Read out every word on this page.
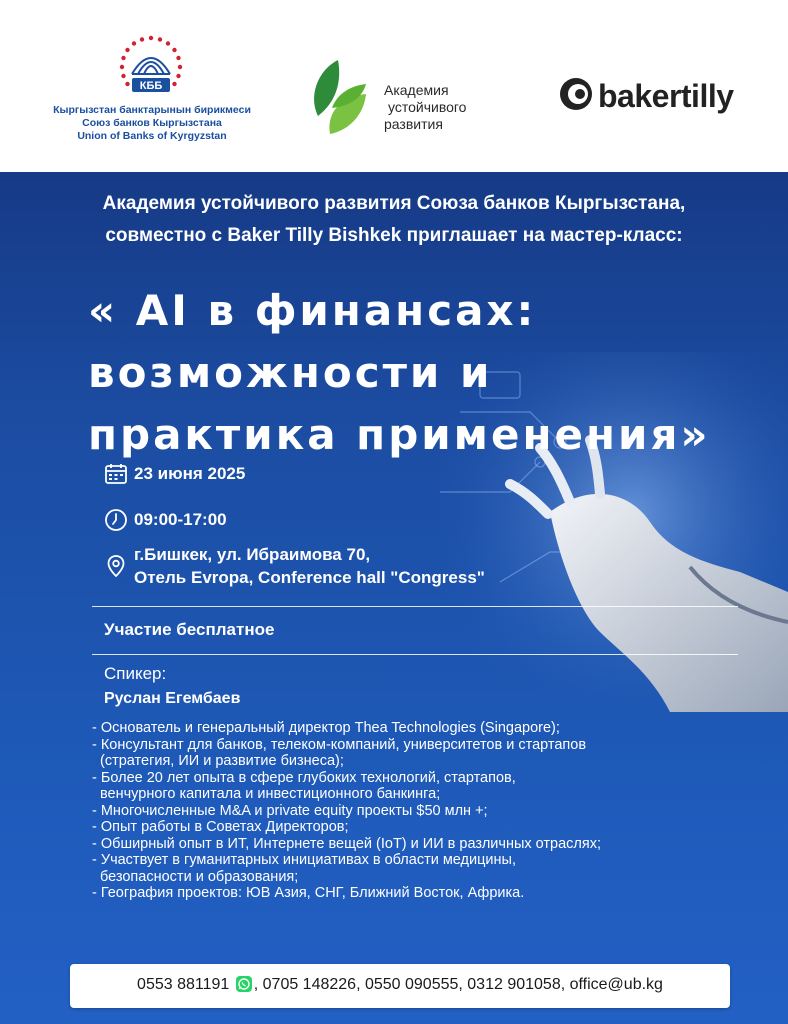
КББ
Кыргызстан банктарынын бирикмеси
Союз банков Кыргызстана
Union of Banks of Kyrgyzstan
Академия
устойчивого
развития
bakertilly
Академия устойчивого развития Союза банков Кыргызстана,
совместно с Baker Tilly Bishkek приглашает на мастер-класс:
« AI в финансах:
возможности и
практика применения»
23 июня 2025
09:00-17:00
г.Бишкек, ул. Ибраимова 70,
Отель Evropa, Conference hall "Congress"
Участие бесплатное
Спикер:
Руслан Егембаев
- Основатель и генеральный директор Thea Technologies (Singapore);
- Консультант для банков, телеком-компаний, университетов и стартапов
(стратегия, ИИ и развитие бизнеса);
- Более 20 лет опыта в сфере глубоких технологий, стартапов,
венчурного капитала и инвестиционного банкинга;
- Многочисленные M&A и private equity проекты $50 млн +;
- Опыт работы в Советах Директоров;
- Обширный опыт в ИТ, Интернете вещей (IoT) и ИИ в различных отраслях;
- Участвует в гуманитарных инициативах в области медицины,
безопасности и образования;
- География проектов: ЮВ Азия, СНГ, Ближний Восток, Африка.
0553 881191 , 0705 148226, 0550 090555, 0312 901058, office@ub.kg
